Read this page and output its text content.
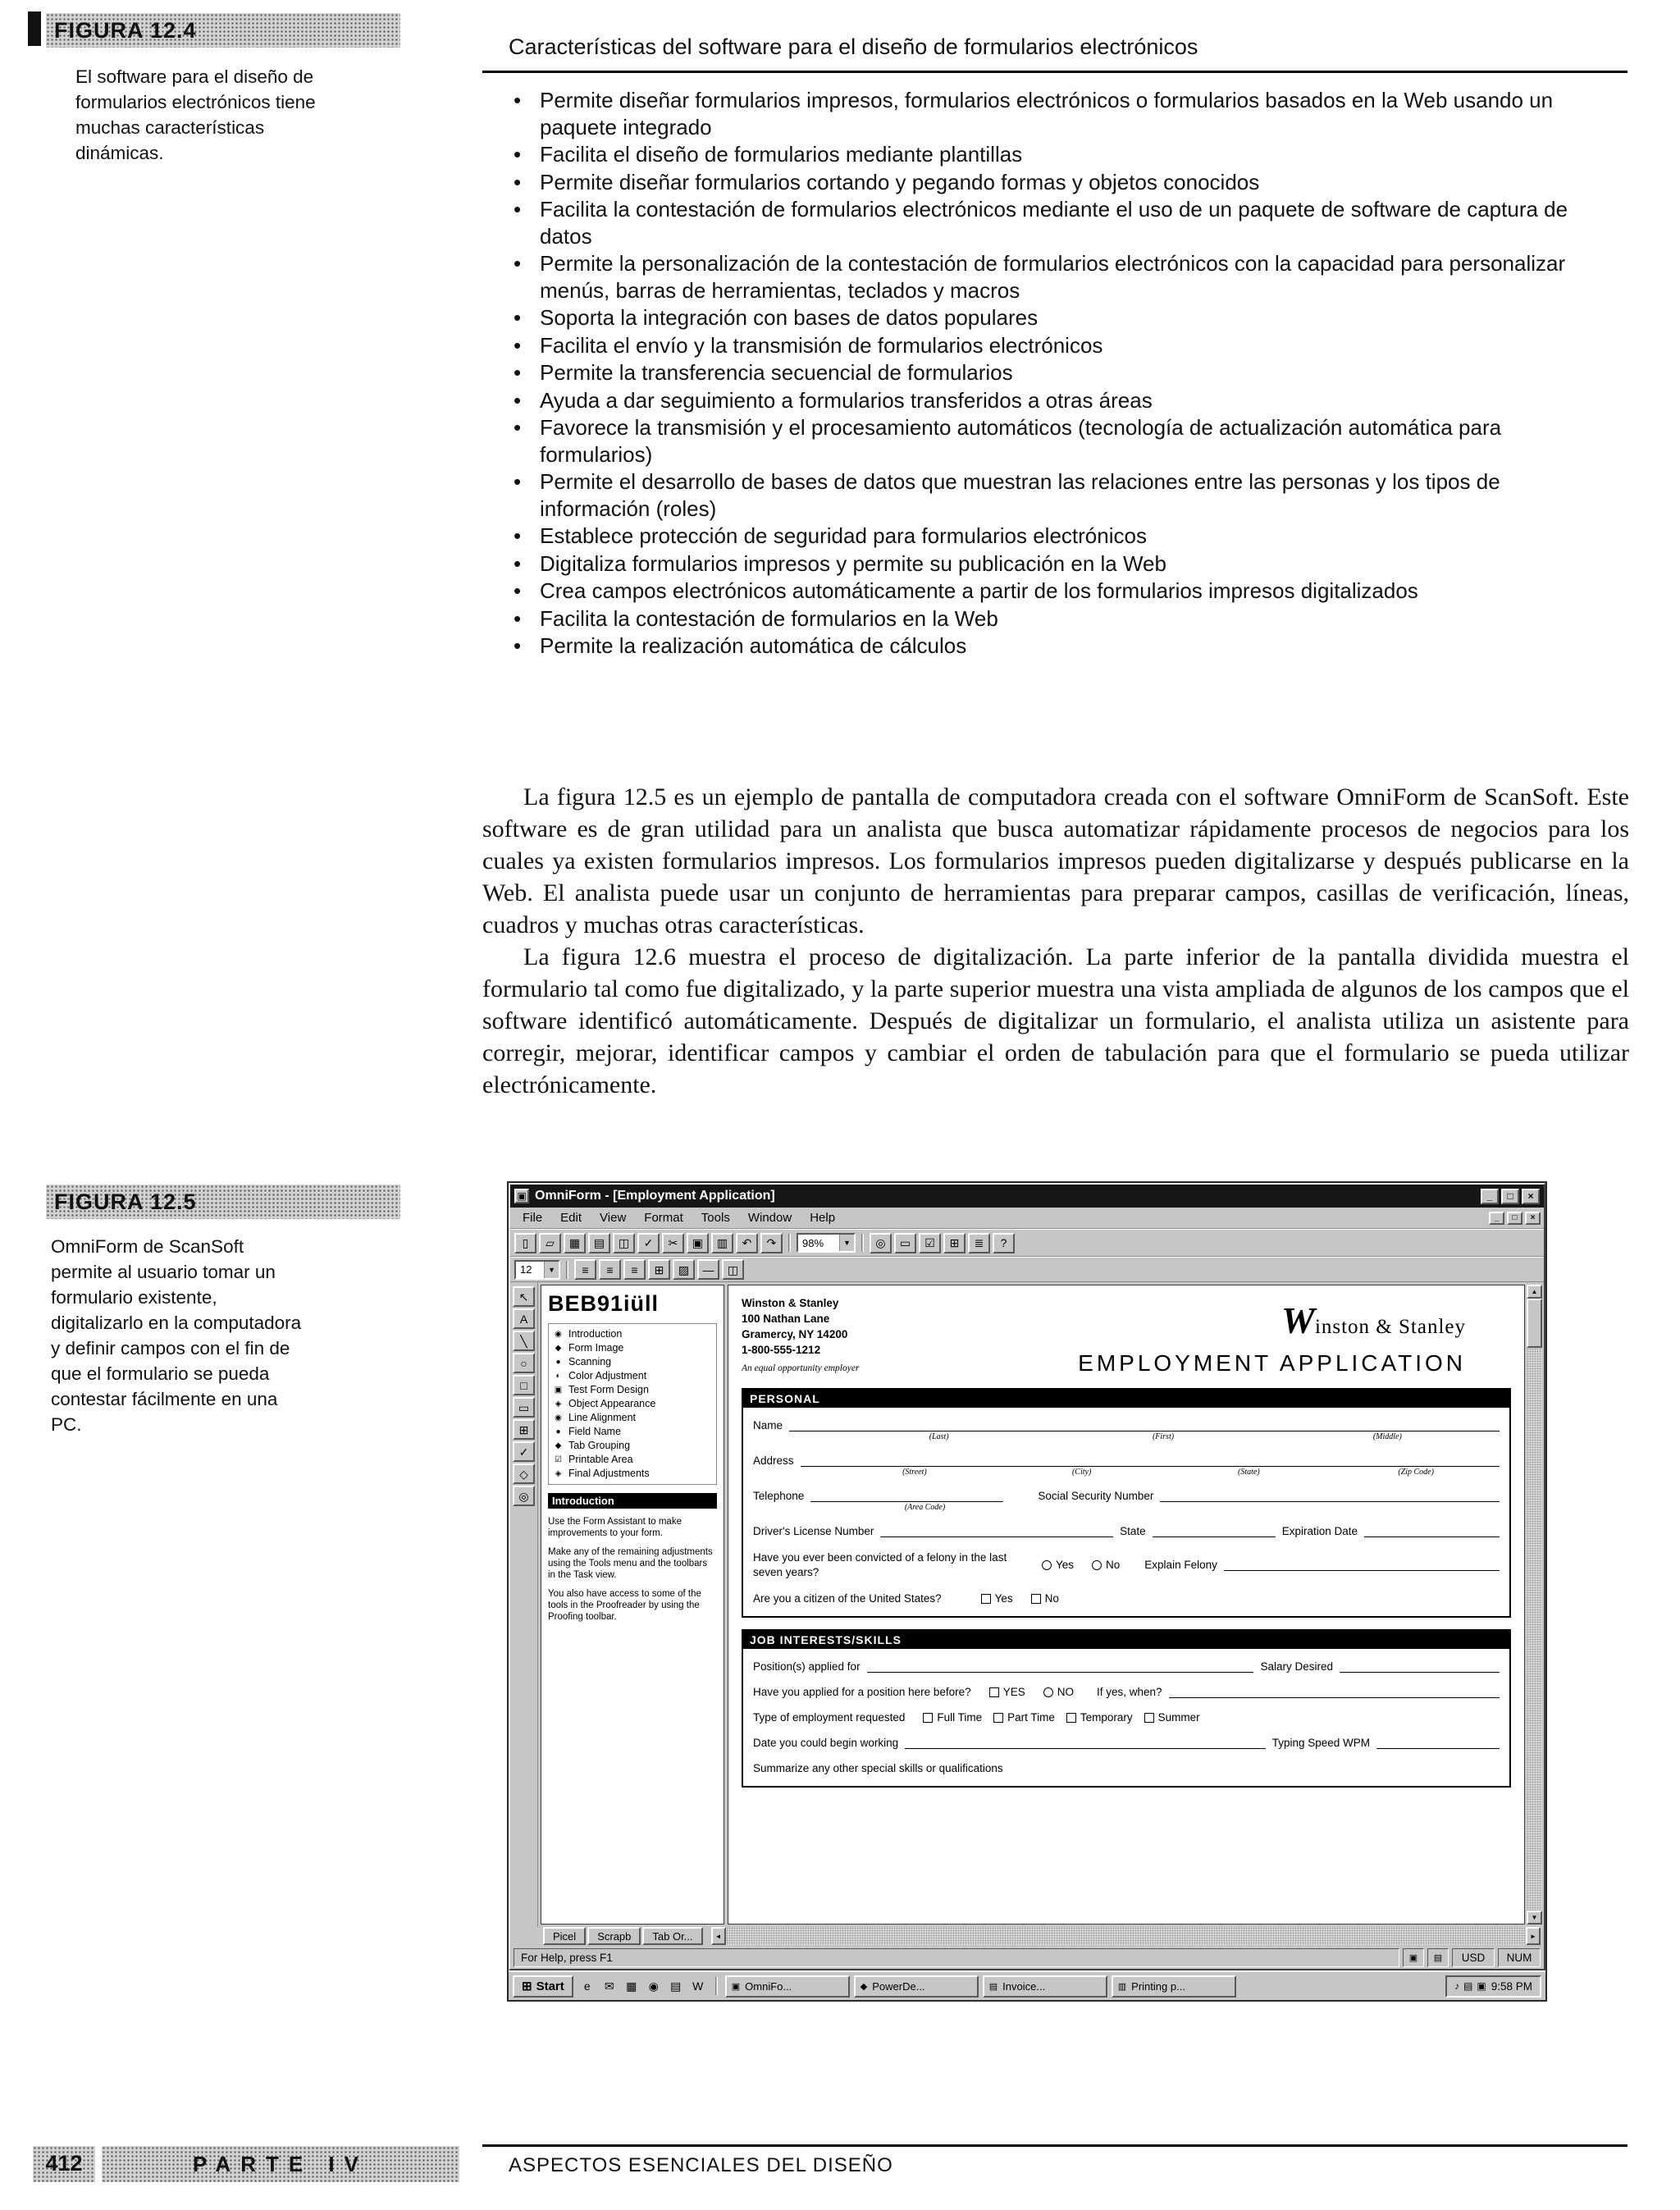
FIGURA 12.4
El software para el diseño de formularios electrónicos tiene muchas características dinámicas.
Características del software para el diseño de formularios electrónicos
• Permite diseñar formularios impresos, formularios electrónicos o formularios basados en la Web usando un paquete integrado
• Facilita el diseño de formularios mediante plantillas
• Permite diseñar formularios cortando y pegando formas y objetos conocidos
• Facilita la contestación de formularios electrónicos mediante el uso de un paquete de software de captura de datos
• Permite la personalización de la contestación de formularios electrónicos con la capacidad para personalizar menús, barras de herramientas, teclados y macros
• Soporta la integración con bases de datos populares
• Facilita el envío y la transmisión de formularios electrónicos
• Permite la transferencia secuencial de formularios
• Ayuda a dar seguimiento a formularios transferidos a otras áreas
• Favorece la transmisión y el procesamiento automáticos (tecnología de actualización automática para formularios)
• Permite el desarrollo de bases de datos que muestran las relaciones entre las personas y los tipos de información (roles)
• Establece protección de seguridad para formularios electrónicos
• Digitaliza formularios impresos y permite su publicación en la Web
• Crea campos electrónicos automáticamente a partir de los formularios impresos digitalizados
• Facilita la contestación de formularios en la Web
• Permite la realización automática de cálculos

La figura 12.5 es un ejemplo de pantalla de computadora creada con el software OmniForm de ScanSoft. Este software es de gran utilidad para un analista que busca automatizar rápidamente procesos de negocios para los cuales ya existen formularios impresos. Los formularios impresos pueden digitalizarse y después publicarse en la Web. El analista puede usar un conjunto de herramientas para preparar campos, casillas de verificación, líneas, cuadros y muchas otras características.

La figura 12.6 muestra el proceso de digitalización. La parte inferior de la pantalla dividida muestra el formulario tal como fue digitalizado, y la parte superior muestra una vista ampliada de algunos de los campos que el software identificó automáticamente. Después de digitalizar un formulario, el analista utiliza un asistente para corregir, mejorar, identificar campos y cambiar el orden de tabulación para que el formulario se pueda utilizar electrónicamente.

FIGURA 12.5
OmniForm de ScanSoft permite al usuario tomar un formulario existente, digitalizarlo en la computadora y definir campos con el fin de que el formulario se pueda contestar fácilmente en una PC.
▣ OmniForm - [Employment Application]	_	□	×
File	Edit	View	Format	Tools	Window	Help	_	□	×
▯ ▱ ▦ ▤ ◫ ✓ ✂ ▣ ▥ ↶ ↷ 98%	▼ ◎ ▭ ☑ ⊞ ≣ ?
12	▼ ≡ ≡ ≡ ⊞ ▨ — ◫
↖
A
╲
○
□
▭
⊞
✓
◇
◎
BEB91iüll
◉ Introduction
◆ Form Image
● Scanning
◐ Color Adjustment
▣ Test Form Design
◈ Object Appearance
◉ Line Alignment
● Field Name
◆ Tab Grouping
☑ Printable Area
◈ Final Adjustments
Introduction

Use the Form Assistant to make improvements to your form.

Make any of the remaining adjustments using the Tools menu and the toolbars in the Task view.

You also have access to some of the tools in the Proofreader by using the Proofing toolbar.

Winston & Stanley
100 Nathan Lane
Gramercy, NY 14200
1-800-555-1212
An equal opportunity employer
Winston & Stanley
EMPLOYMENT APPLICATION
PERSONAL
Name
(Last)	(First)	(Middle)
Address
(Street)	(City)	(State)	(Zip Code)
Telephone	Social Security Number
(Area Code)
Driver's License Number	State	Expiration Date
Have you ever been convicted of a felony in the last seven years?
Yes	No Explain Felony
Are you a citizen of the United States?	Yes	No
JOB INTERESTS/SKILLS
Position(s) applied for	Salary Desired
Have you applied for a position here before?	YES	NO If yes, when?
Type of employment requested	Full Time Part Time Temporary Summer
Date you could begin working	Typing Speed WPM
Summarize any other special skills or qualifications
▲
▼
Picel	Scrapb	Tab Or...	◄	►
For Help, press F1	▣	▤	USD	NUM
⊞ Start	e	✉	▦	◉	▤ W	▣ OmniFo...	◆ PowerDe...	▤ Invoice...	▥ Printing p...	♪ ▤ ▣ 9:58 PM
412	PARTE IV	ASPECTOS ESENCIALES DEL DISEÑO
